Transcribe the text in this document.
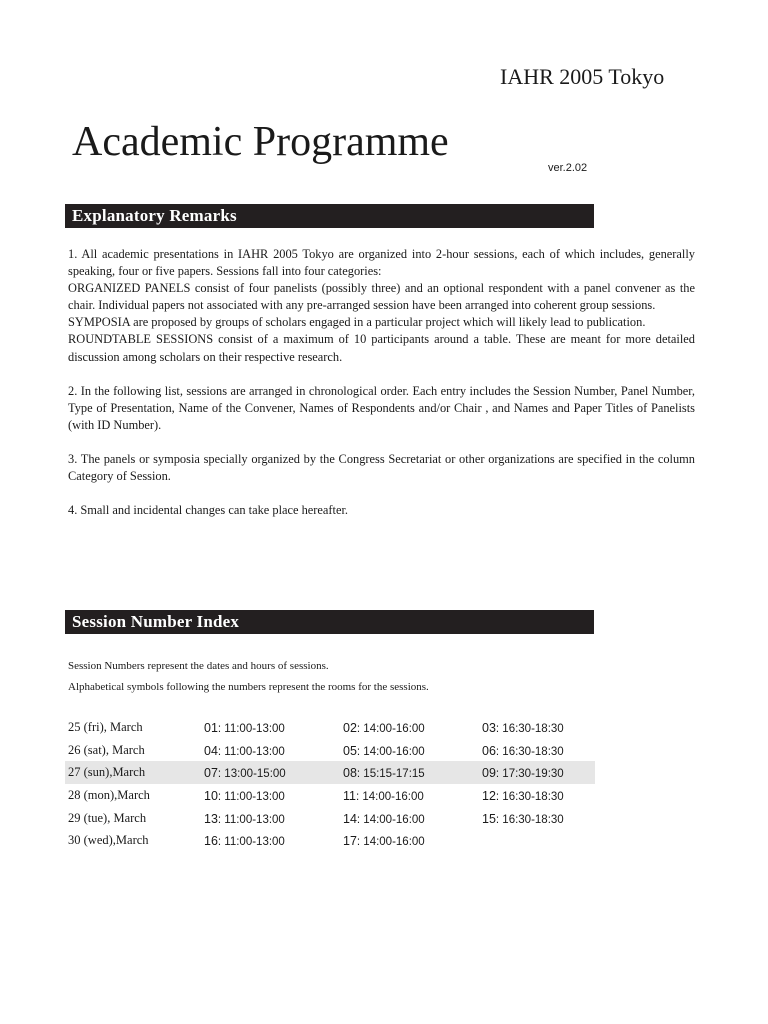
IAHR 2005 Tokyo
Academic Programme
ver.2.02
Explanatory Remarks

1. All academic presentations in IAHR 2005 Tokyo are organized into 2-hour sessions, each of which includes, generally speaking, four or five papers. Sessions fall into four categories:
ORGANIZED PANELS consist of four panelists (possibly three) and an optional respondent with a panel convener as the chair. Individual papers not associated with any pre-arranged session have been arranged into coherent group sessions.
SYMPOSIA are proposed by groups of scholars engaged in a particular project which will likely lead to publication.
ROUNDTABLE SESSIONS consist of a maximum of 10 participants around a table. These are meant for more detailed discussion among scholars on their respective research.

2. In the following list, sessions are arranged in chronological order. Each entry includes the Session Number, Panel Number, Type of Presentation, Name of the Convener, Names of Respondents and/or Chair , and Names and Paper Titles of Panelists (with ID Number).

3. The panels or symposia specially organized by the Congress Secretariat or other organizations are specified in the column Category of Session.

4. Small and incidental changes can take place hereafter.

Session Number Index
Session Numbers represent the dates and hours of sessions.
Alphabetical symbols following the numbers represent the rooms for the sessions.
25 (fri), March	01: 11:00-13:00	02: 14:00-16:00	03: 16:30-18:30
26 (sat), March	04: 11:00-13:00	05: 14:00-16:00	06: 16:30-18:30
27 (sun),March	07: 13:00-15:00	08: 15:15-17:15	09: 17:30-19:30
28 (mon),March	10: 11:00-13:00	11: 14:00-16:00	12: 16:30-18:30
29 (tue), March	13: 11:00-13:00	14: 14:00-16:00	15: 16:30-18:30
30 (wed),March	16: 11:00-13:00	17: 14:00-16:00
